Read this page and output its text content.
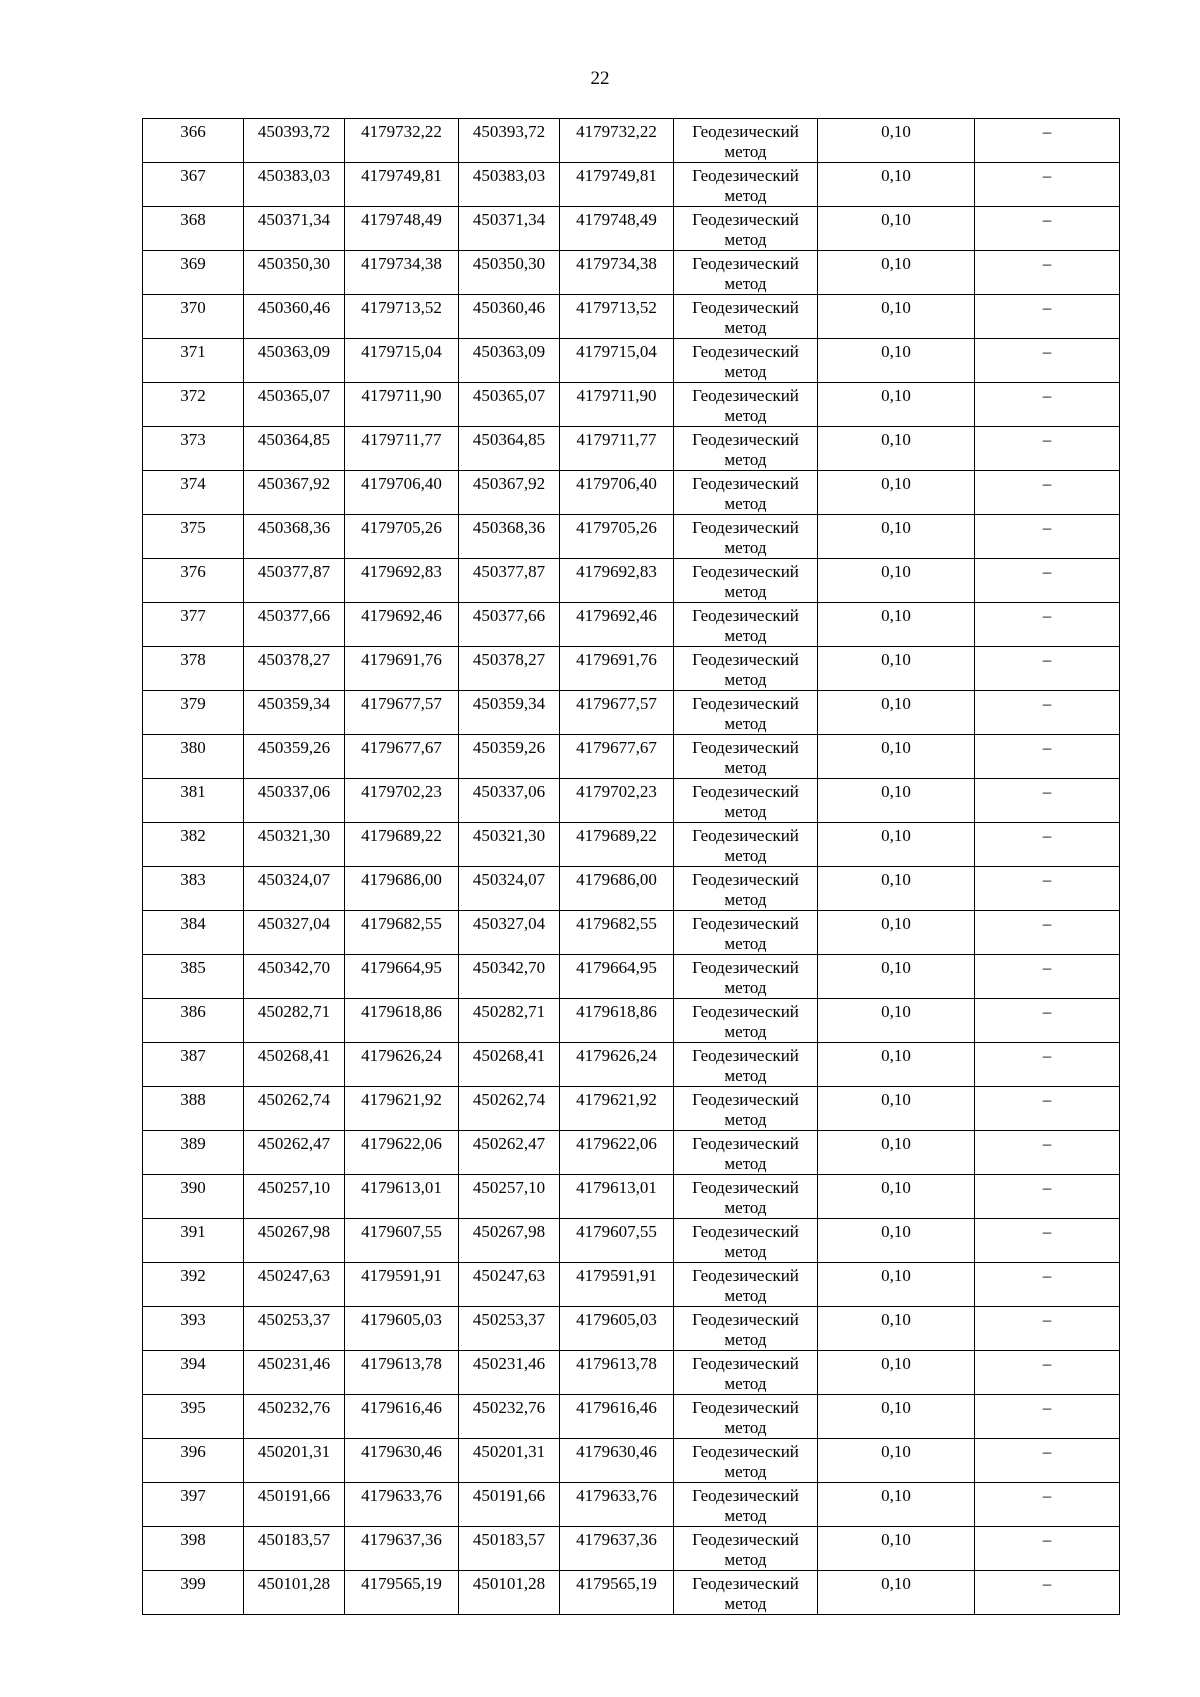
22
366	450393,72	4179732,22	450393,72	4179732,22	Геодезический метод	0,10	–
367	450383,03	4179749,81	450383,03	4179749,81	Геодезический метод	0,10	–
368	450371,34	4179748,49	450371,34	4179748,49	Геодезический метод	0,10	–
369	450350,30	4179734,38	450350,30	4179734,38	Геодезический метод	0,10	–
370	450360,46	4179713,52	450360,46	4179713,52	Геодезический метод	0,10	–
371	450363,09	4179715,04	450363,09	4179715,04	Геодезический метод	0,10	–
372	450365,07	4179711,90	450365,07	4179711,90	Геодезический метод	0,10	–
373	450364,85	4179711,77	450364,85	4179711,77	Геодезический метод	0,10	–
374	450367,92	4179706,40	450367,92	4179706,40	Геодезический метод	0,10	–
375	450368,36	4179705,26	450368,36	4179705,26	Геодезический метод	0,10	–
376	450377,87	4179692,83	450377,87	4179692,83	Геодезический метод	0,10	–
377	450377,66	4179692,46	450377,66	4179692,46	Геодезический метод	0,10	–
378	450378,27	4179691,76	450378,27	4179691,76	Геодезический метод	0,10	–
379	450359,34	4179677,57	450359,34	4179677,57	Геодезический метод	0,10	–
380	450359,26	4179677,67	450359,26	4179677,67	Геодезический метод	0,10	–
381	450337,06	4179702,23	450337,06	4179702,23	Геодезический метод	0,10	–
382	450321,30	4179689,22	450321,30	4179689,22	Геодезический метод	0,10	–
383	450324,07	4179686,00	450324,07	4179686,00	Геодезический метод	0,10	–
384	450327,04	4179682,55	450327,04	4179682,55	Геодезический метод	0,10	–
385	450342,70	4179664,95	450342,70	4179664,95	Геодезический метод	0,10	–
386	450282,71	4179618,86	450282,71	4179618,86	Геодезический метод	0,10	–
387	450268,41	4179626,24	450268,41	4179626,24	Геодезический метод	0,10	–
388	450262,74	4179621,92	450262,74	4179621,92	Геодезический метод	0,10	–
389	450262,47	4179622,06	450262,47	4179622,06	Геодезический метод	0,10	–
390	450257,10	4179613,01	450257,10	4179613,01	Геодезический метод	0,10	–
391	450267,98	4179607,55	450267,98	4179607,55	Геодезический метод	0,10	–
392	450247,63	4179591,91	450247,63	4179591,91	Геодезический метод	0,10	–
393	450253,37	4179605,03	450253,37	4179605,03	Геодезический метод	0,10	–
394	450231,46	4179613,78	450231,46	4179613,78	Геодезический метод	0,10	–
395	450232,76	4179616,46	450232,76	4179616,46	Геодезический метод	0,10	–
396	450201,31	4179630,46	450201,31	4179630,46	Геодезический метод	0,10	–
397	450191,66	4179633,76	450191,66	4179633,76	Геодезический метод	0,10	–
398	450183,57	4179637,36	450183,57	4179637,36	Геодезический метод	0,10	–
399	450101,28	4179565,19	450101,28	4179565,19	Геодезический метод	0,10	–
